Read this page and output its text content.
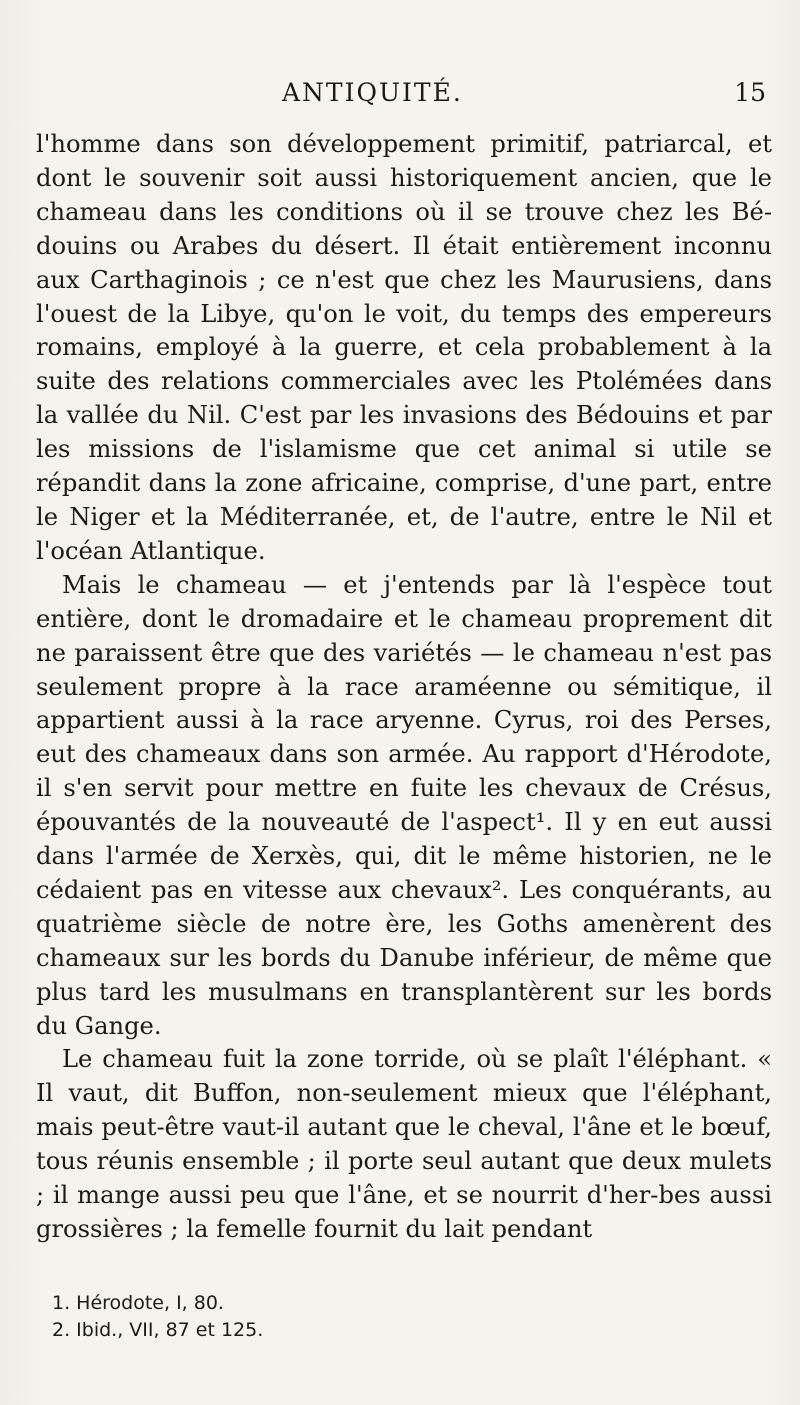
ANTIQUITÉ.	15

l'homme dans son développement primitif, patriarcal, et dont le souvenir soit aussi historiquement ancien, que le chameau dans les conditions où il se trouve chez les Bé-douins ou Arabes du désert. Il était entièrement inconnu aux Carthaginois ; ce n'est que chez les Maurusiens, dans l'ouest de la Libye, qu'on le voit, du temps des empereurs romains, employé à la guerre, et cela probablement à la suite des relations commerciales avec les Ptolémées dans la vallée du Nil. C'est par les invasions des Bédouins et par les missions de l'islamisme que cet animal si utile se répandit dans la zone africaine, comprise, d'une part, entre le Niger et la Méditerranée, et, de l'autre, entre le Nil et l'océan Atlantique.

Mais le chameau — et j'entends par là l'espèce tout entière, dont le dromadaire et le chameau proprement dit ne paraissent être que des variétés — le chameau n'est pas seulement propre à la race araméenne ou sémitique, il appartient aussi à la race aryenne. Cyrus, roi des Perses, eut des chameaux dans son armée. Au rapport d'Hérodote, il s'en servit pour mettre en fuite les chevaux de Crésus, épouvantés de la nouveauté de l'aspect¹. Il y en eut aussi dans l'armée de Xerxès, qui, dit le même historien, ne le cédaient pas en vitesse aux chevaux². Les conquérants, au quatrième siècle de notre ère, les Goths amenèrent des chameaux sur les bords du Danube inférieur, de même que plus tard les musulmans en transplantèrent sur les bords du Gange.

Le chameau fuit la zone torride, où se plaît l'éléphant. « Il vaut, dit Buffon, non-seulement mieux que l'éléphant, mais peut-être vaut-il autant que le cheval, l'âne et le bœuf, tous réunis ensemble ; il porte seul autant que deux mulets ; il mange aussi peu que l'âne, et se nourrit d'her-bes aussi grossières ; la femelle fournit du lait pendant

1. Hérodote, I, 80.

2. Ibid., VII, 87 et 125.
